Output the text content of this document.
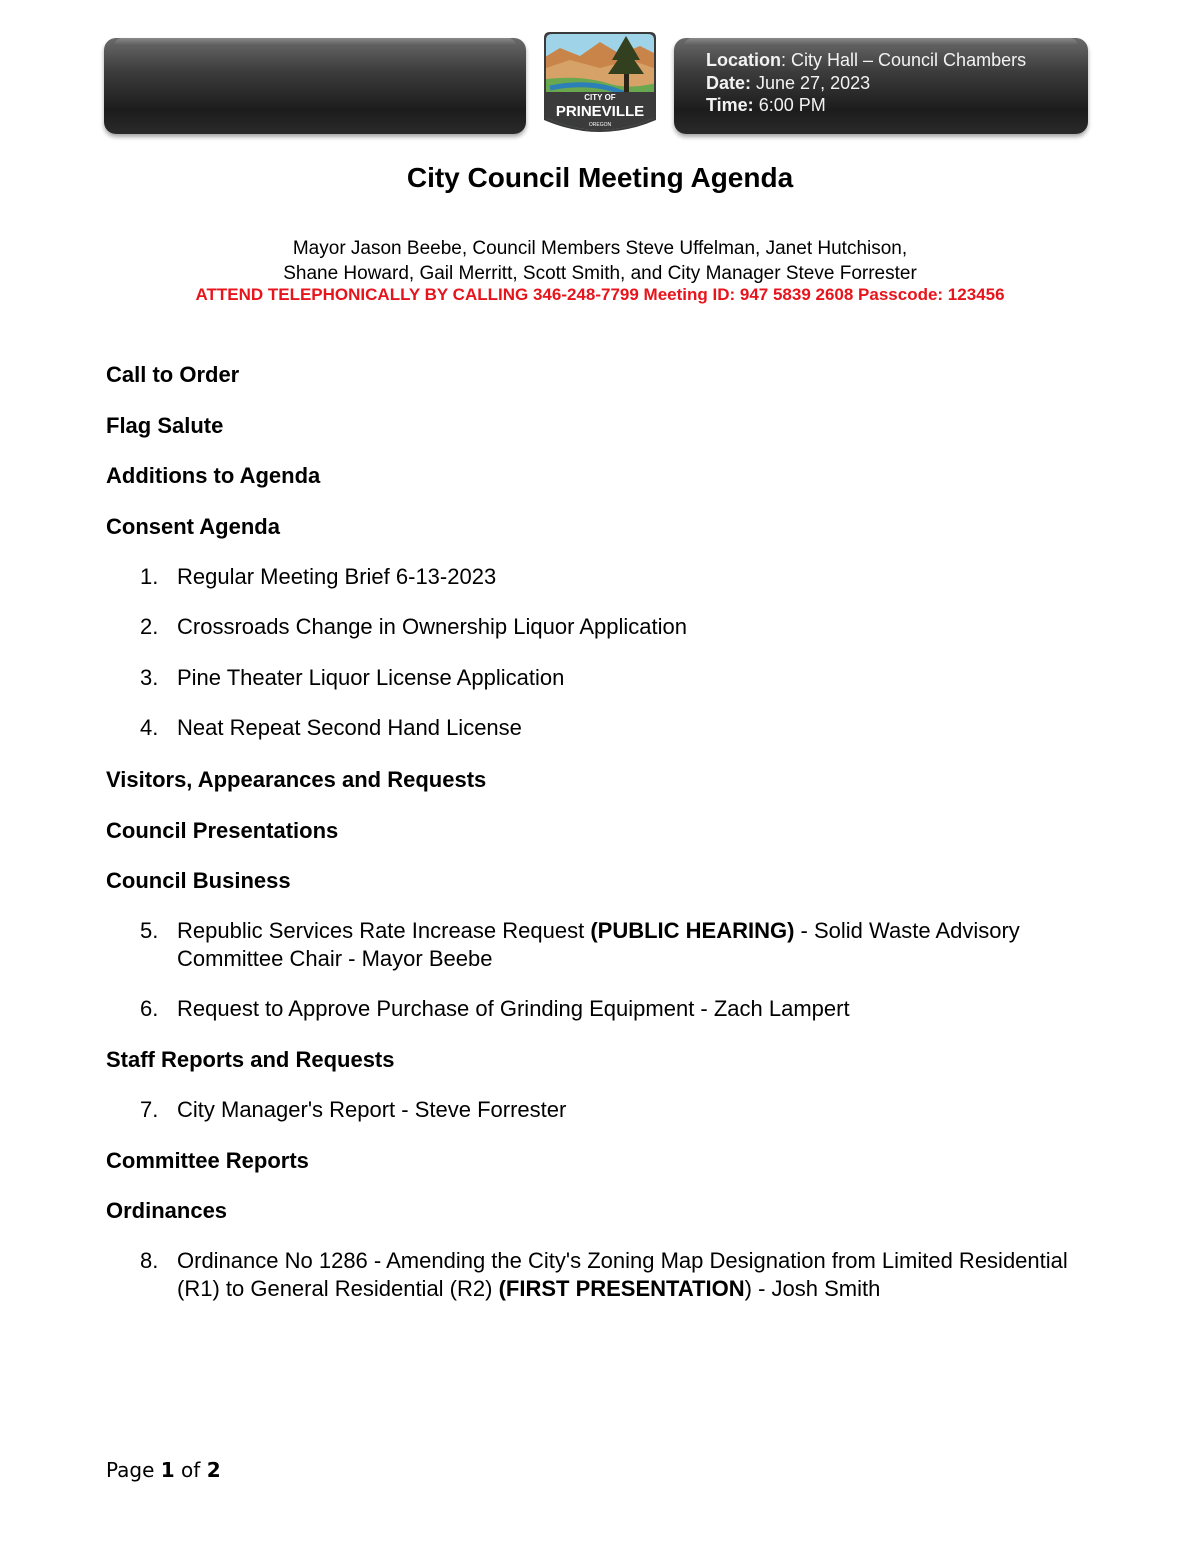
CITY OF
PRINEVILLE
OREGON
Location: City Hall – Council Chambers
Date: June 27, 2023
Time: 6:00 PM
City Council Meeting Agenda
Mayor Jason Beebe, Council Members Steve Uffelman, Janet Hutchison,
Shane Howard, Gail Merritt, Scott Smith, and City Manager Steve Forrester
ATTEND TELEPHONICALLY BY CALLING 346-248-7799 Meeting ID: 947 5839 2608 Passcode: 123456
Call to Order
Flag Salute
Additions to Agenda
Consent Agenda
1. Regular Meeting Brief 6-13-2023
2. Crossroads Change in Ownership Liquor Application
3. Pine Theater Liquor License Application
4. Neat Repeat Second Hand License
Visitors, Appearances and Requests
Council Presentations
Council Business
5. Republic Services Rate Increase Request (PUBLIC HEARING) - Solid Waste Advisory Committee Chair - Mayor Beebe
6. Request to Approve Purchase of Grinding Equipment - Zach Lampert
Staff Reports and Requests
7. City Manager's Report - Steve Forrester
Committee Reports
Ordinances
8. Ordinance No 1286 - Amending the City's Zoning Map Designation from Limited Residential (R1) to General Residential (R2) (FIRST PRESENTATION) - Josh Smith
Page 1 of 2
